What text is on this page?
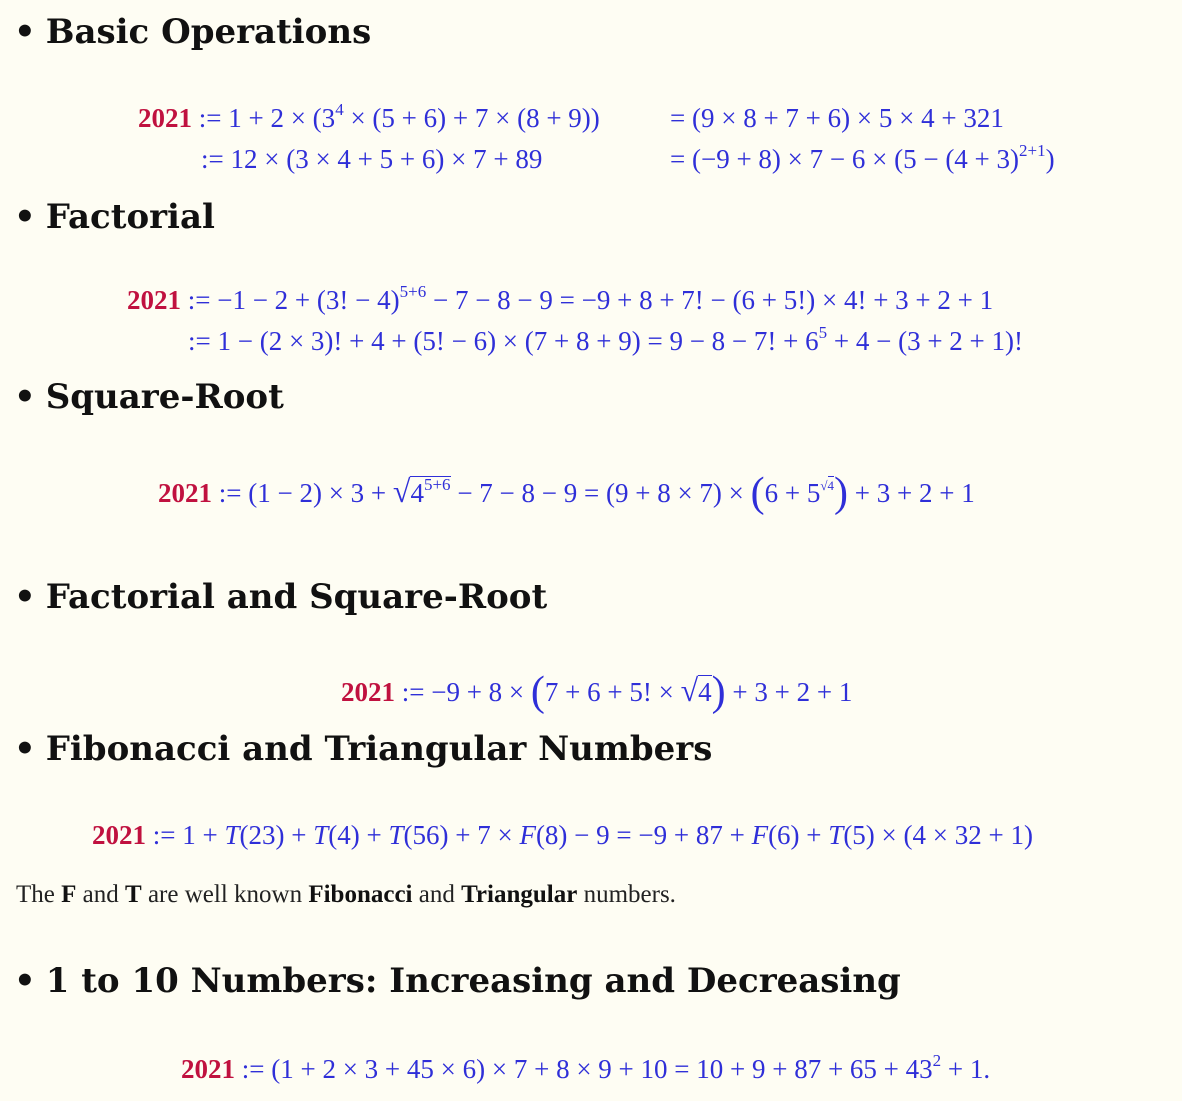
• Basic Operations
2021 := $1 + 2 \times (3^4 \times (5 + 6) + 7 \times (8 + 9))$	= (9 × 8 + 7 + 6) × 5 × 4 + 321
:= 12 × (3 × 4 + 5 + 6) × 7 + 89	= $(-9 + 8) \times 7 - 6 \times (5 - (4 + 3)^{2+1})$
• Factorial
2021 := −1 − 2 + (3! − 4)$^{5+6}$ − 7 − 8 − 9 = −9 + 8 + 7! − (6 + 5!) × 4! + 3 + 2 + 1
:= 1 − (2 × 3)! + 4 + (5! − 6) × (7 + 8 + 9) = 9 − 8 − 7! + $6^5 + 4 - (3 + 2 + 1)$!
• Square-Root
2021 := $(1 - 2) \times 3 + √4^{5+6} - 7 - 8 - 9 = (9 + 8 \times 7) \times (6 + 5^{√4}) + 3 + 2 + 1$
• Factorial and Square-Root
2021 := −9 + 8 × (7 + 6 + 5! × √4) + 3 + 2 + 1
• Fibonacci and Triangular Numbers
2021 := 1 + T(23) + T(4) + T(56) + 7 × F(8) − 9 = −9 + 87 + F(6) + T(5) × (4 × 32 + 1)
The F and T are well known Fibonacci and Triangular numbers.
• 1 to 10 Numbers: Increasing and Decreasing
2021 := $(1 + 2 \times 3 + 45 \times 6) \times 7 + 8 \times 9 + 10 = 10 + 9 + 87 + 65 + 43^2 + 1$.
